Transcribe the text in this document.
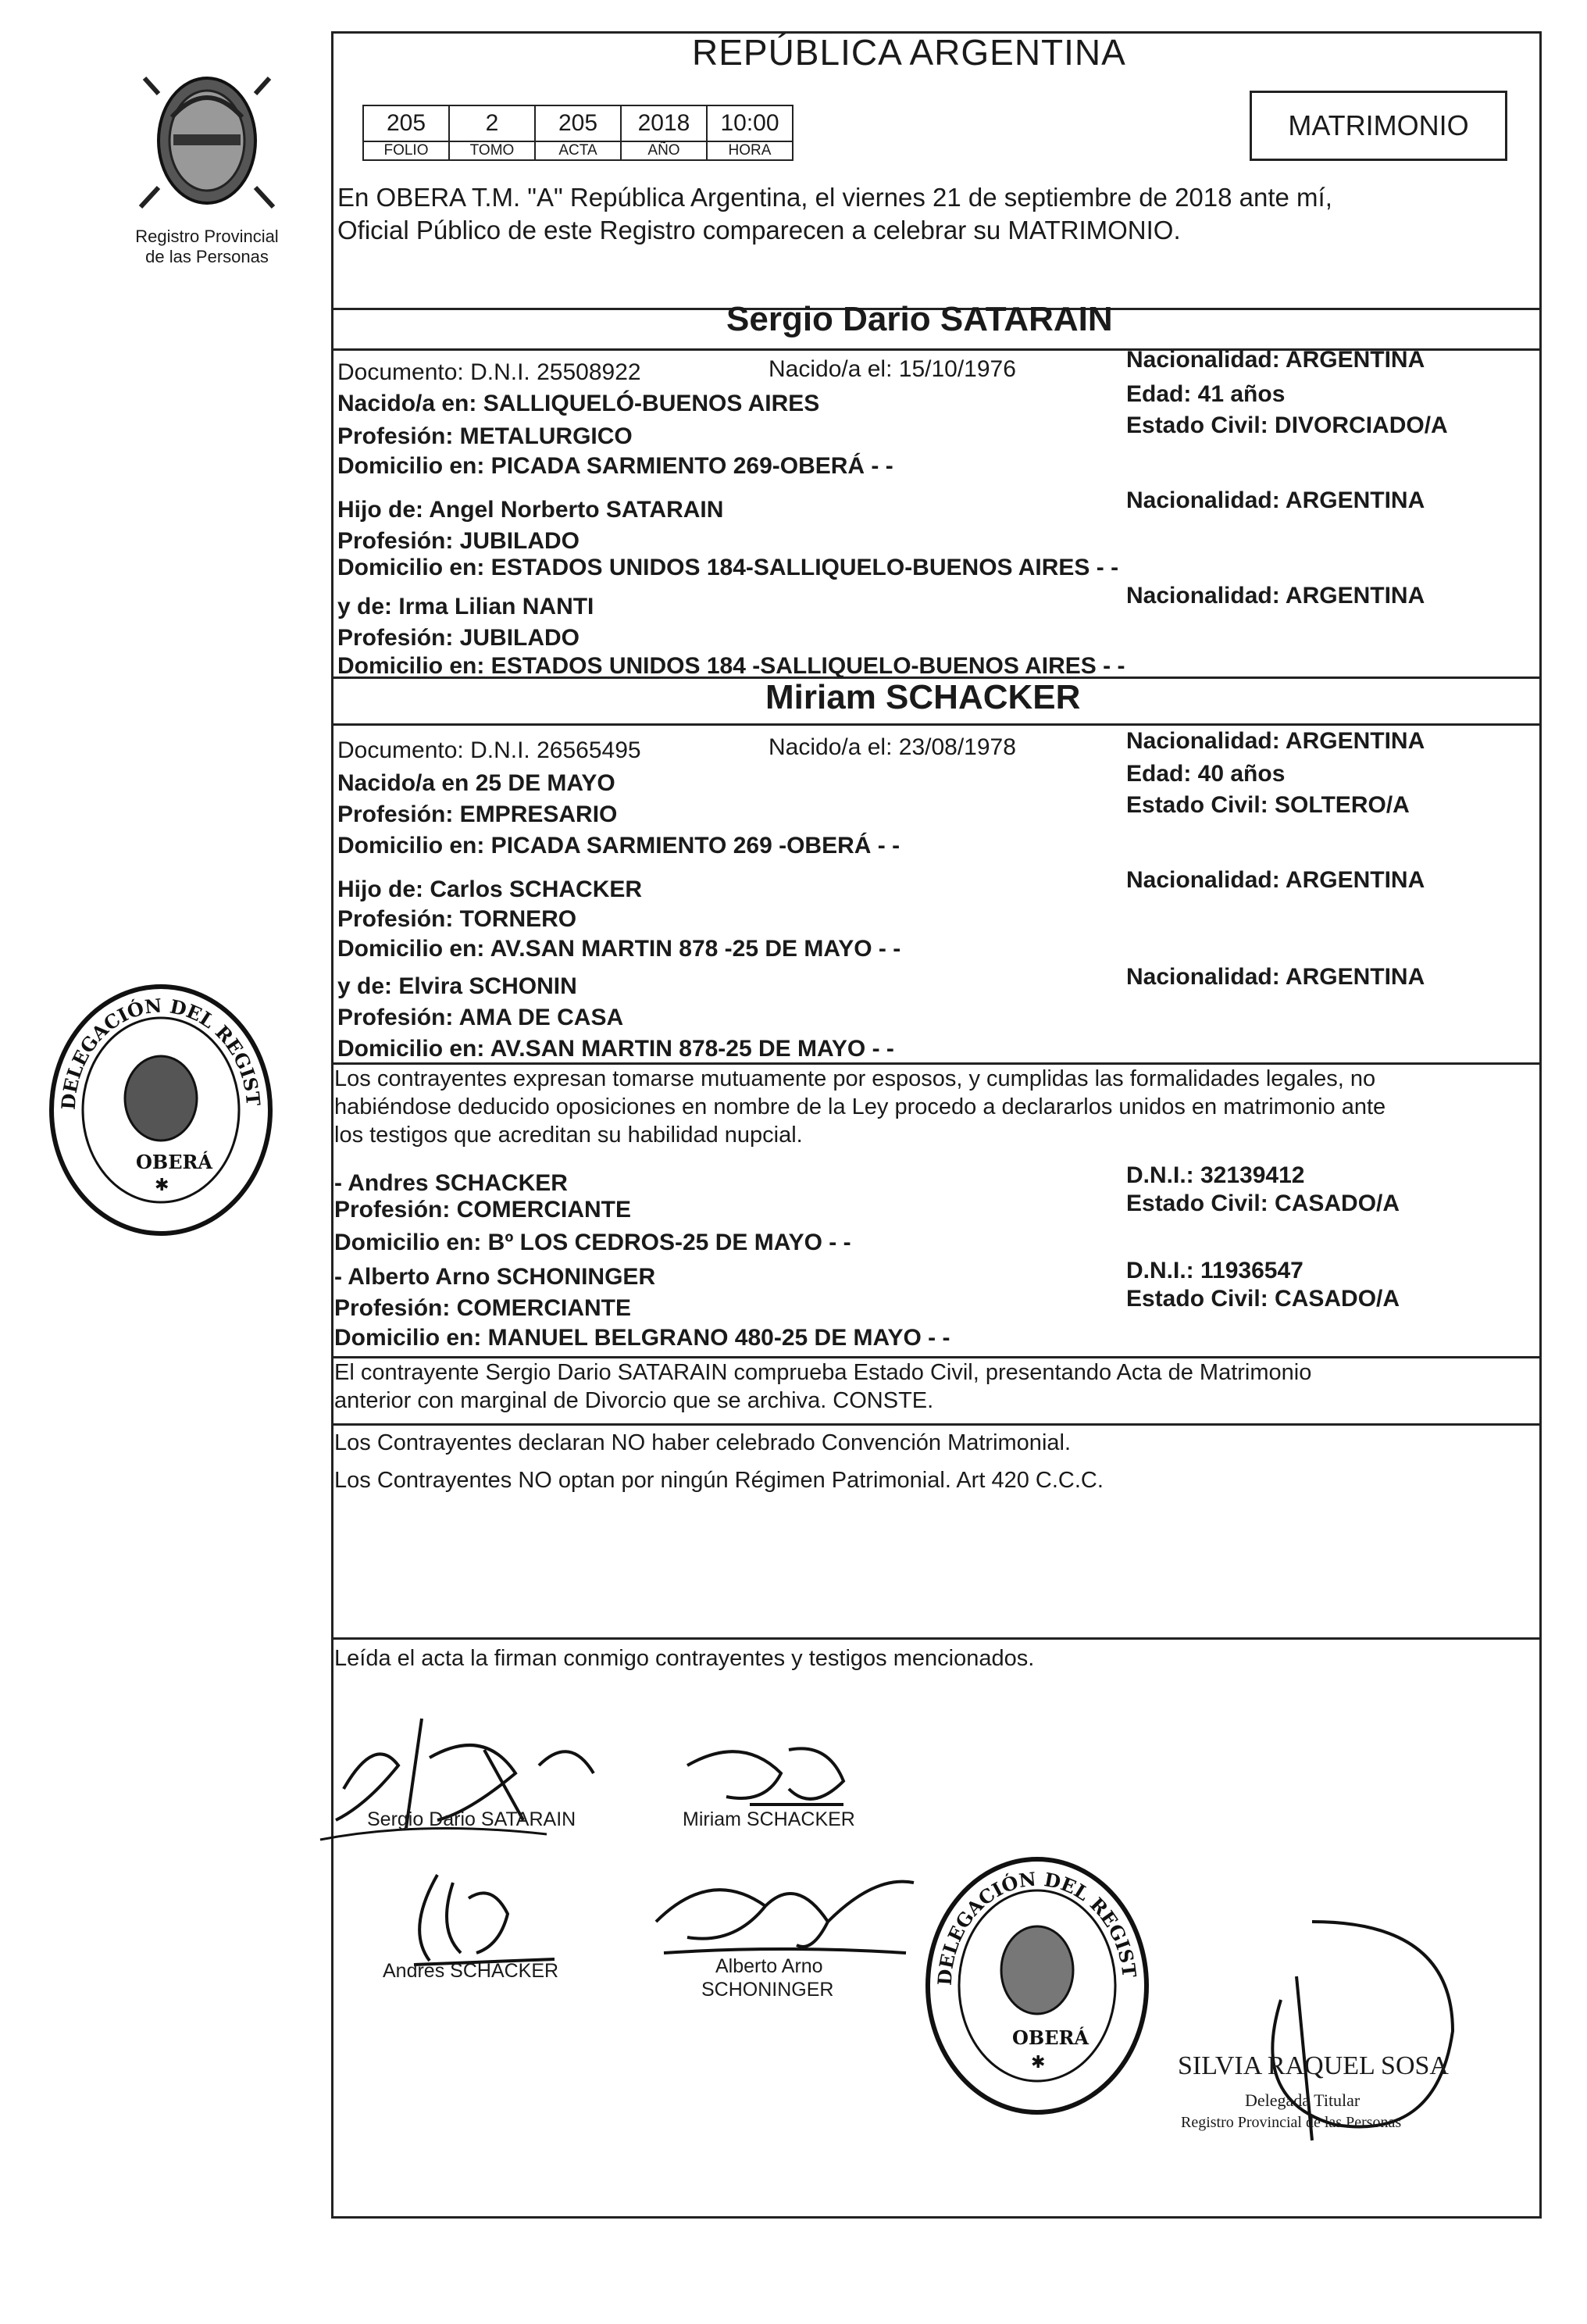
Registro Provincial
de las Personas
REPÚBLICA ARGENTINA
MATRIMONIO
205	2	205	2018	10:00
FOLIO	TOMO	ACTA	AÑO	HORA
En OBERA T.M. "A" República Argentina, el viernes 21 de septiembre de 2018 ante mí,
Oficial Público de este Registro comparecen a celebrar su MATRIMONIO.
Sergio Dario SATARAIN
Documento: D.N.I. 25508922	Nacido/a el: 15/10/1976	Nacionalidad: ARGENTINA
Nacido/a en: SALLIQUELÓ-BUENOS AIRES	Edad: 41 años
Profesión: METALURGICO	Estado Civil: DIVORCIADO/A
Domicilio en: PICADA SARMIENTO 269-OBERÁ - -
Hijo de: Angel Norberto SATARAIN	Nacionalidad: ARGENTINA
Profesión: JUBILADO
Domicilio en: ESTADOS UNIDOS 184-SALLIQUELO-BUENOS AIRES - -
y de: Irma Lilian NANTI	Nacionalidad: ARGENTINA
Profesión: JUBILADO
Domicilio en: ESTADOS UNIDOS 184 -SALLIQUELO-BUENOS AIRES - -
Miriam SCHACKER
Documento: D.N.I. 26565495	Nacido/a el: 23/08/1978	Nacionalidad: ARGENTINA
Nacido/a en 25 DE MAYO	Edad: 40 años
Profesión: EMPRESARIO	Estado Civil: SOLTERO/A
Domicilio en: PICADA SARMIENTO 269 -OBERÁ - -
Hijo de: Carlos SCHACKER	Nacionalidad: ARGENTINA
Profesión: TORNERO
Domicilio en: AV.SAN MARTIN 878 -25 DE MAYO - -
y de: Elvira SCHONIN	Nacionalidad: ARGENTINA
Profesión: AMA DE CASA
Domicilio en: AV.SAN MARTIN 878-25 DE MAYO - -
Los contrayentes expresan tomarse mutuamente por esposos, y cumplidas las formalidades legales, no
habiéndose deducido oposiciones en nombre de la Ley procedo a declararlos unidos en matrimonio ante
los testigos que acreditan su habilidad nupcial.
- Andres SCHACKER	D.N.I.: 32139412
Profesión: COMERCIANTE	Estado Civil: CASADO/A
Domicilio en: Bº LOS CEDROS-25 DE MAYO - -
- Alberto Arno SCHONINGER	D.N.I.: 11936547
Profesión: COMERCIANTE	Estado Civil: CASADO/A
Domicilio en: MANUEL BELGRANO 480-25 DE MAYO - -
El contrayente Sergio Dario SATARAIN comprueba Estado Civil, presentando Acta de Matrimonio
anterior con marginal de Divorcio que se archiva. CONSTE.
Los Contrayentes declaran NO haber celebrado Convención Matrimonial.
Los Contrayentes NO optan por ningún Régimen Patrimonial. Art 420 C.C.C.
Leída el acta la firman conmigo contrayentes y testigos mencionados.
Sergio Dario SATARAIN	Miriam SCHACKER
Andres SCHACKER	Alberto Arno
SCHONINGER
SILVIA RAQUEL SOSA
Delegada Titular
Registro Provincial de las Personas
DELEGACIÓN DEL REGISTRO PROVINCIAL DE LAS PERSONAS
OBERÁ
✱
DELEGACIÓN DEL REGISTRO PROVINCIAL DE LAS PERSONAS
OBERÁ
✱
